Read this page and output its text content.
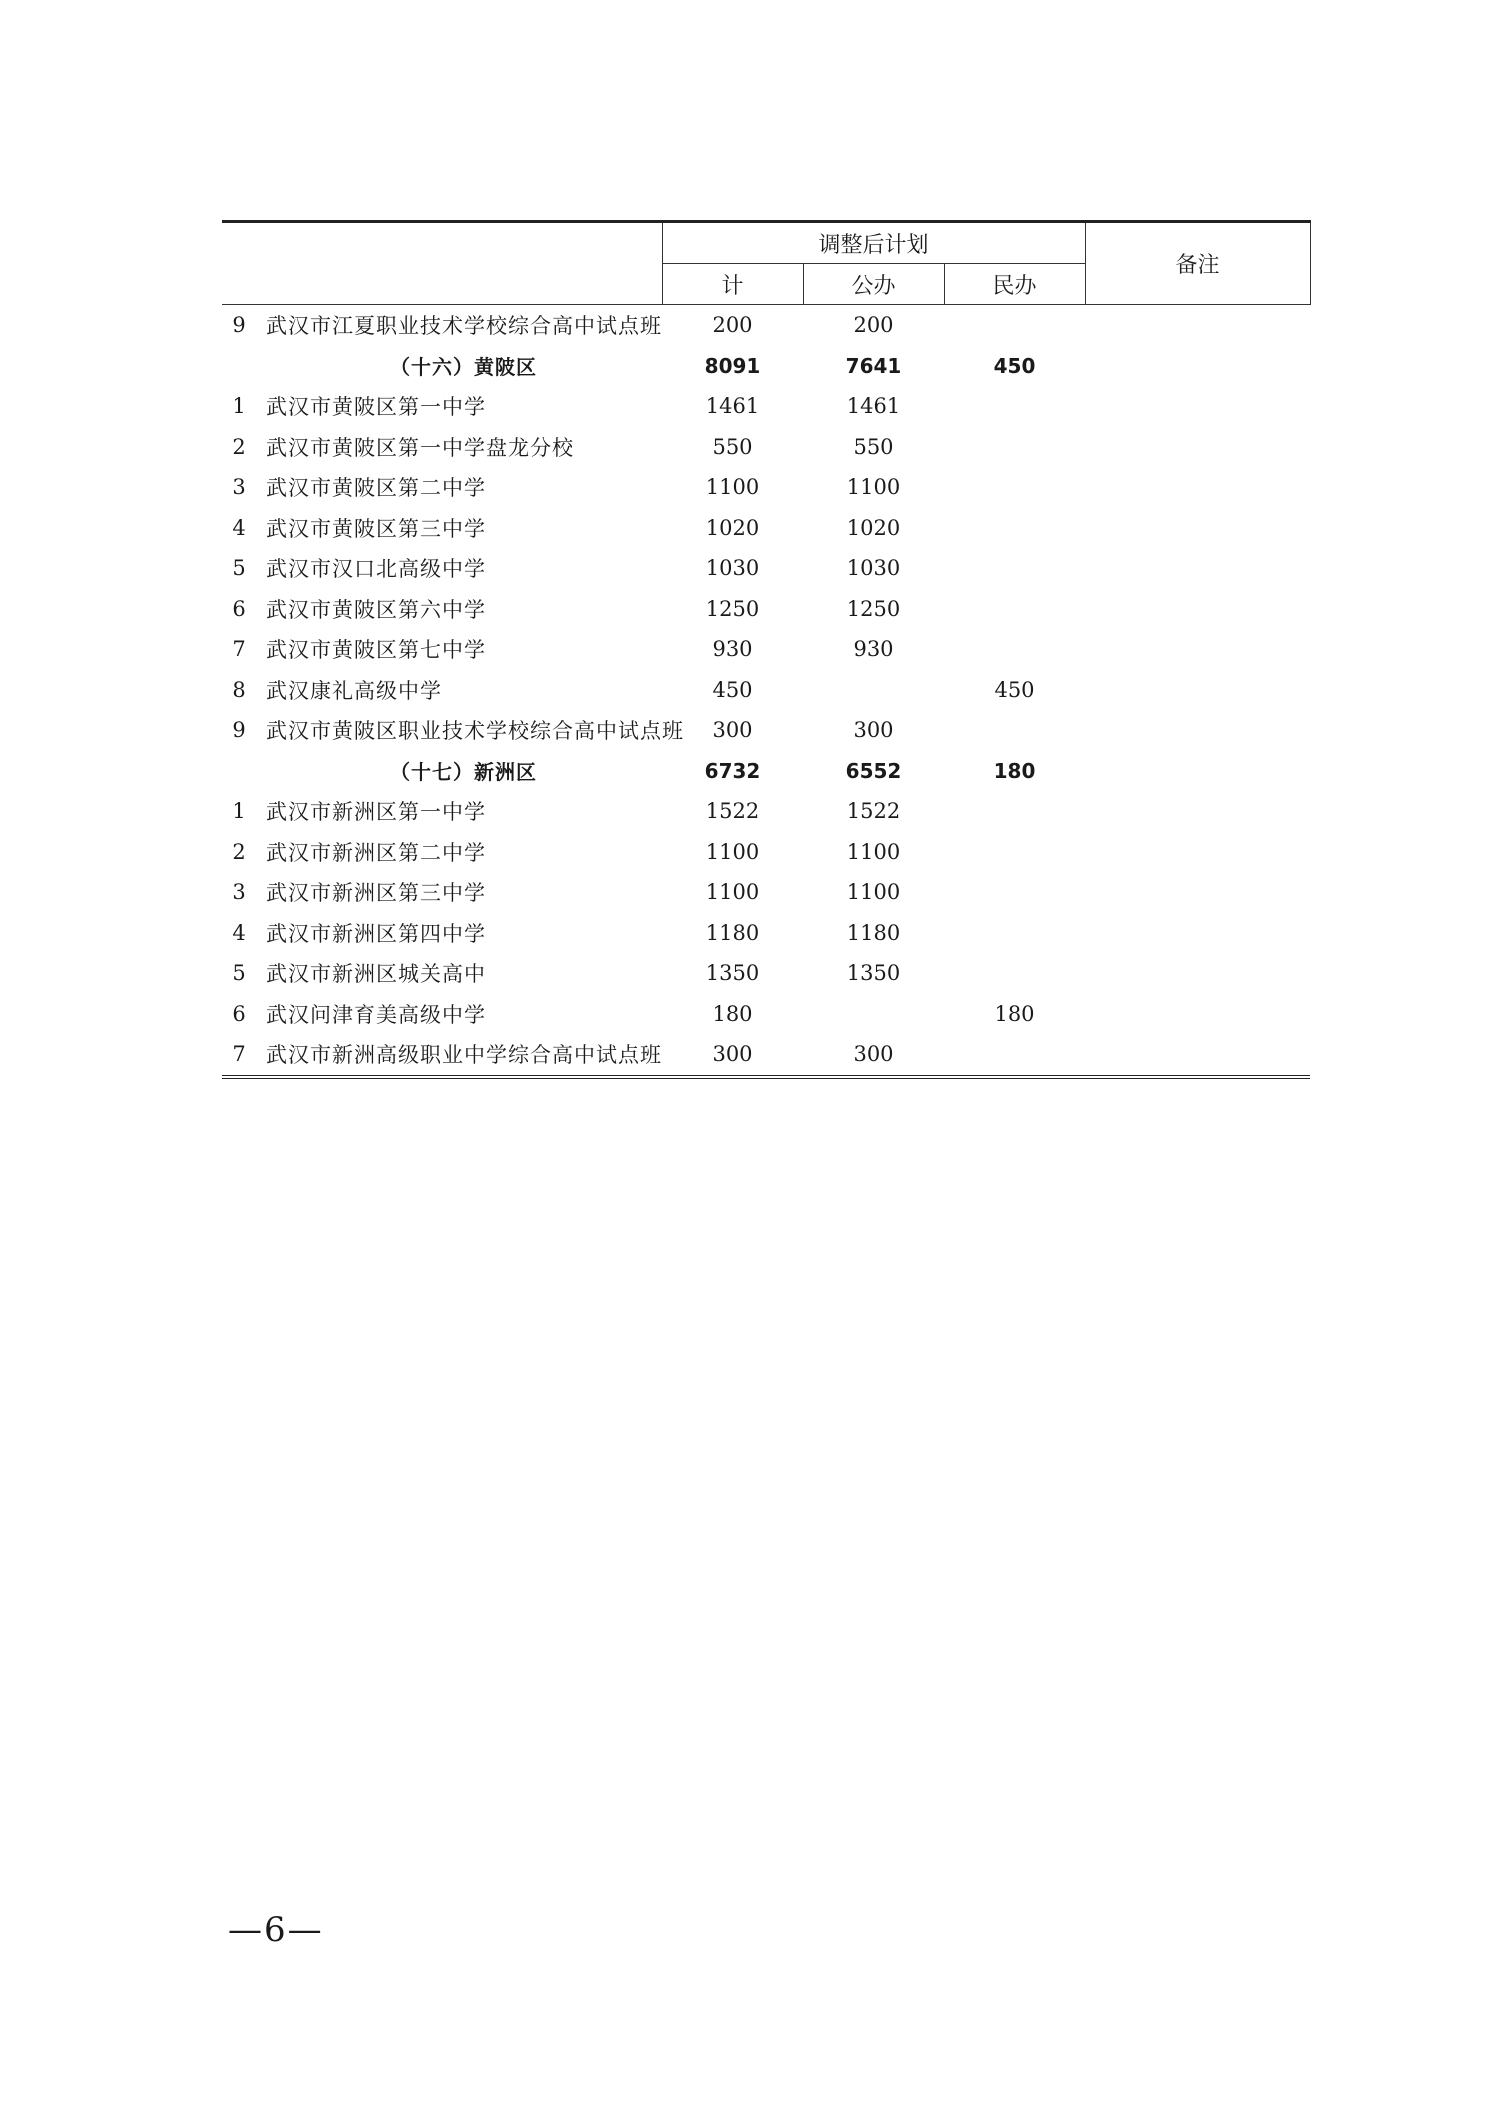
		调整后计划			备注
		计	公办	民办	
9	武汉市江夏职业技术学校综合高中试点班	200	200		
	（十六）黄陂区	8091	7641	450	
1	武汉市黄陂区第一中学	1461	1461		
2	武汉市黄陂区第一中学盘龙分校	550	550		
3	武汉市黄陂区第二中学	1100	1100		
4	武汉市黄陂区第三中学	1020	1020		
5	武汉市汉口北高级中学	1030	1030		
6	武汉市黄陂区第六中学	1250	1250		
7	武汉市黄陂区第七中学	930	930		
8	武汉康礼高级中学	450		450	
9	武汉市黄陂区职业技术学校综合高中试点班	300	300		
	（十七）新洲区	6732	6552	180	
1	武汉市新洲区第一中学	1522	1522		
2	武汉市新洲区第二中学	1100	1100		
3	武汉市新洲区第三中学	1100	1100		
4	武汉市新洲区第四中学	1180	1180		
5	武汉市新洲区城关高中	1350	1350		
6	武汉问津育美高级中学	180		180	
7	武汉市新洲高级职业中学综合高中试点班	300	300		
—6—
